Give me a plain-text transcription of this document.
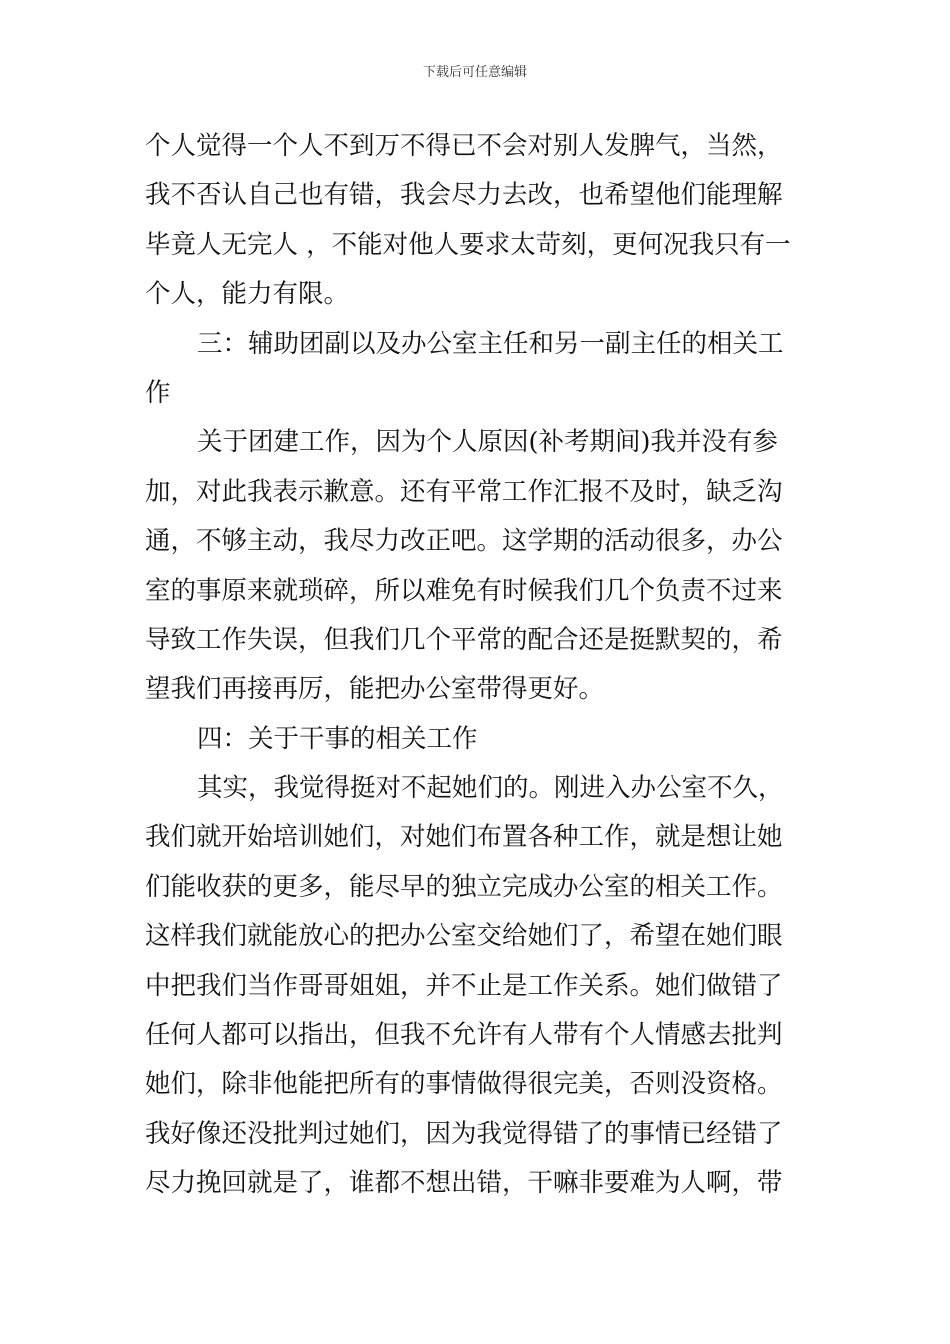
下载后可任意编辑
个人觉得一个人不到万不得已不会对别人发脾气，当然，
我不否认自己也有错，我会尽力去改，也希望他们能理解
毕竟人无完人 ，不能对他人要求太苛刻，更何况我只有一
个人，能力有限。
三：辅助团副以及办公室主任和另一副主任的相关工
作
关于团建工作，因为个人原因(补考期间)我并没有参
加，对此我表示歉意。还有平常工作汇报不及时，缺乏沟
通，不够主动，我尽力改正吧。这学期的活动很多，办公
室的事原来就琐碎，所以难免有时候我们几个负责不过来
导致工作失误，但我们几个平常的配合还是挺默契的，希
望我们再接再厉，能把办公室带得更好。
四：关于干事的相关工作
其实，我觉得挺对不起她们的。刚进入办公室不久，
我们就开始培训她们，对她们布置各种工作，就是想让她
们能收获的更多，能尽早的独立完成办公室的相关工作。
这样我们就能放心的把办公室交给她们了，希望在她们眼
中把我们当作哥哥姐姐，并不止是工作关系。她们做错了
任何人都可以指出，但我不允许有人带有个人情感去批判
她们，除非他能把所有的事情做得很完美，否则没资格。
我好像还没批判过她们，因为我觉得错了的事情已经错了
尽力挽回就是了，谁都不想出错，干嘛非要难为人啊，带
